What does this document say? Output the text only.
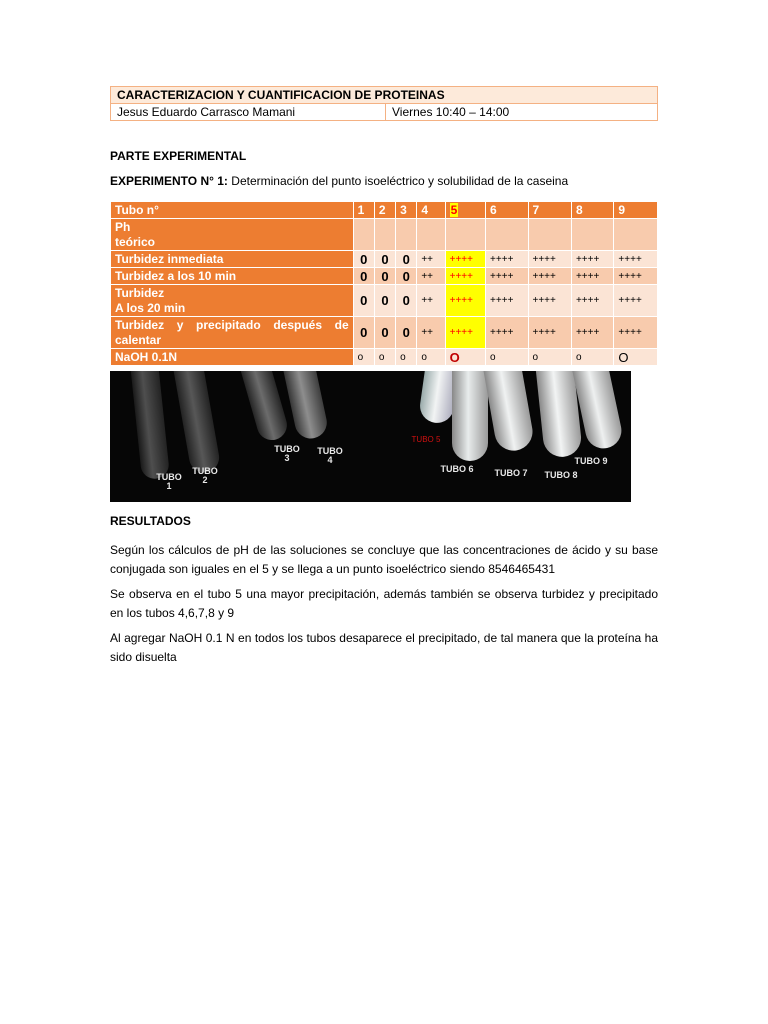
CARACTERIZACION Y CUANTIFICACION DE PROTEINAS
Jesus Eduardo Carrasco Mamani	Viernes 10:40 – 14:00
PARTE EXPERIMENTAL
EXPERIMENTO N° 1: Determinación del punto isoeléctrico y solubilidad de la caseina
Tubo n°	1	2	3	4	5	6	7	8	9

Ph
teórico									

Turbidez inmediata	0	0	0	++	++++	++++	++++	++++	++++

Turbidez a los 10 min	0	0	0	++	++++	++++	++++	++++	++++

Turbidez
A los 20 min	0	0	0	++	++++	++++	++++	++++	++++

Turbidez y precipitado después de
calentar	0	0	0	++	++++	++++	++++	++++	++++

NaOH 0.1N	o	o	o	o	O	o	o	o	O
TUBO 1
TUBO 2
TUBO 3
TUBO 4
TUBO 5
TUBO 6 TUBO 7 TUBO 8
TUBO 9
RESULTADOS
Según los cálculos de pH de las soluciones se concluye que las concentraciones de ácido y su base conjugada son iguales en el 5 y se llega a un punto isoeléctrico siendo 8546465431
Se observa en el tubo 5 una mayor precipitación, además también se observa turbidez y precipitado en los tubos 4,6,7,8 y 9
Al agregar NaOH 0.1 N en todos los tubos desaparece el precipitado, de tal manera que la proteína ha sido disuelta
